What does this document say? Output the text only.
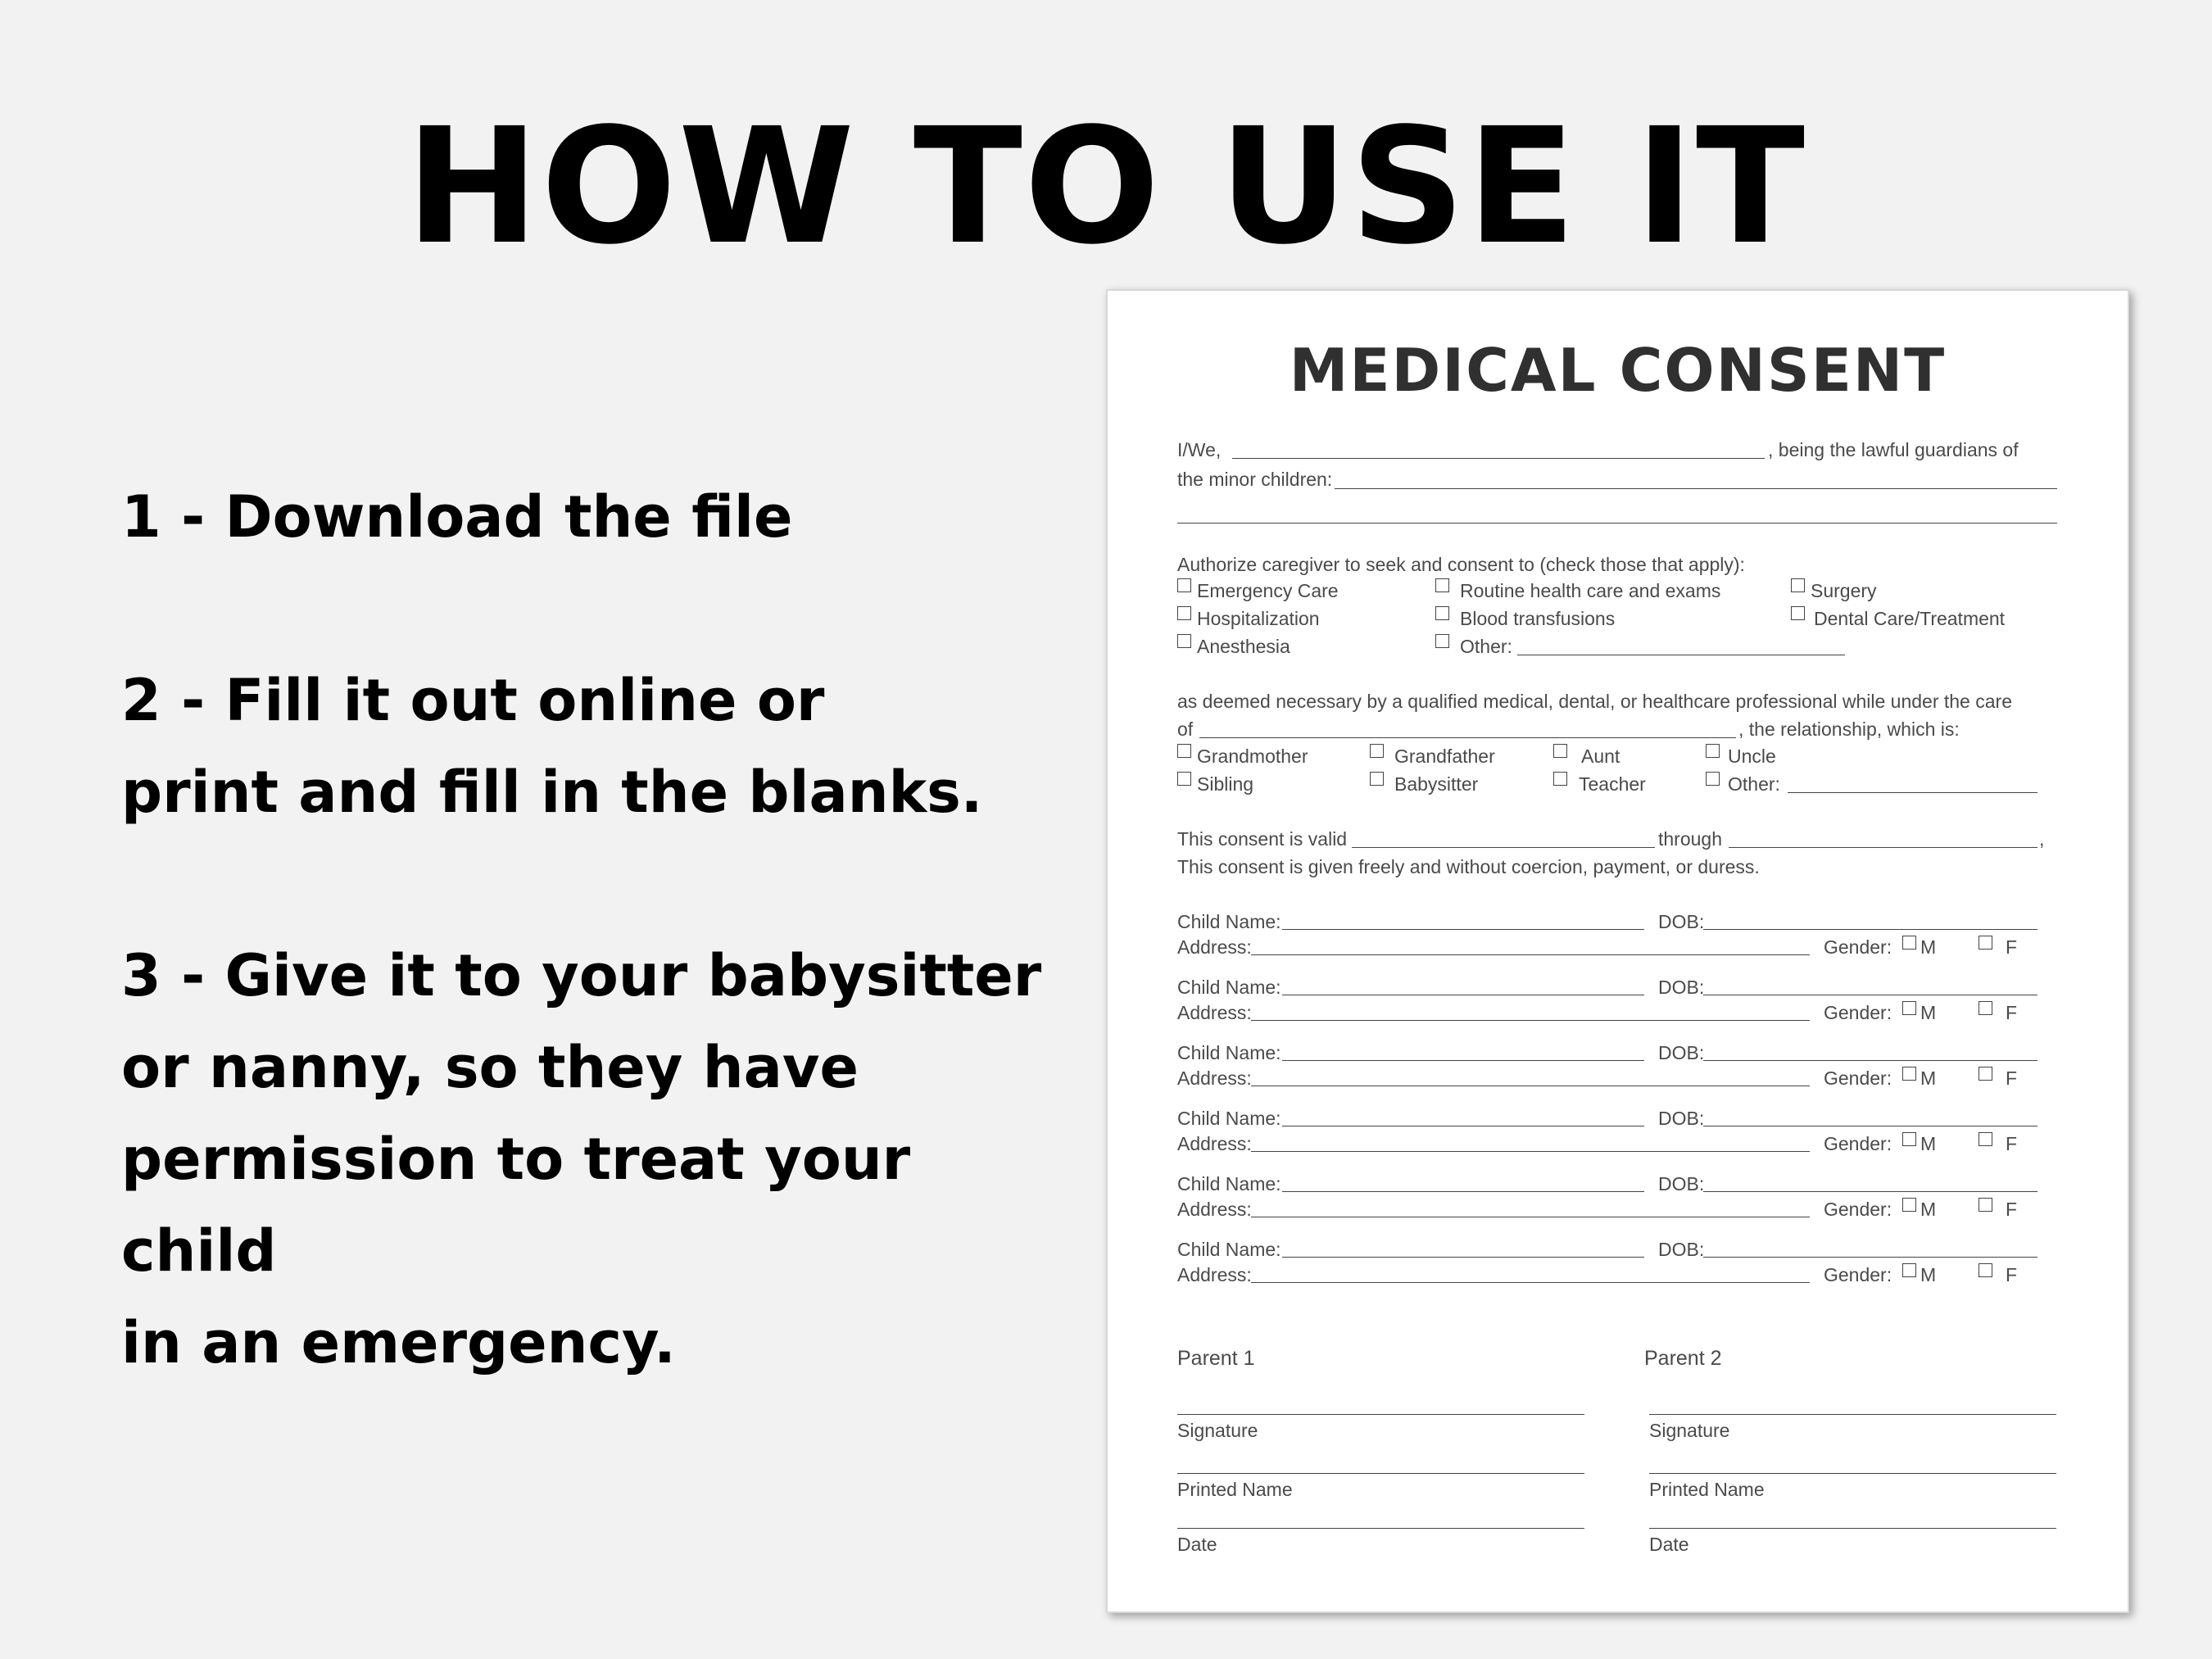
HOW TO USE IT

1 - Download the file

2 - Fill it out online or

print and fill in the blanks.

3 - Give it to your babysitter

or nanny, so they have

permission to treat your child

in an emergency.

MEDICAL CONSENT
I/We,	, being the lawful guardians of
the minor children:
Authorize caregiver to seek and consent to (check those that apply):
Emergency Care	Routine health care and exams	Surgery
Hospitalization	Blood transfusions	Dental Care/Treatment
Anesthesia	Other:
as deemed necessary by a qualified medical, dental, or healthcare professional while under the care
of	, the relationship, which is:
Grandmother	Grandfather	Aunt	Uncle
Sibling	Babysitter	Teacher	Other:
This consent is valid	through	,
This consent is given freely and without coercion, payment, or duress.
Child Name:	DOB:
Address:	Gender: M	F
Child Name:	DOB:
Address:	Gender: M	F
Child Name:	DOB:
Address:	Gender: M	F
Child Name:	DOB:
Address:	Gender: M	F
Child Name:	DOB:
Address:	Gender: M	F
Child Name:	DOB:
Address:	Gender: M	F
Parent 1
Signature
Printed Name
Date
Parent 2
Signature
Printed Name
Date
